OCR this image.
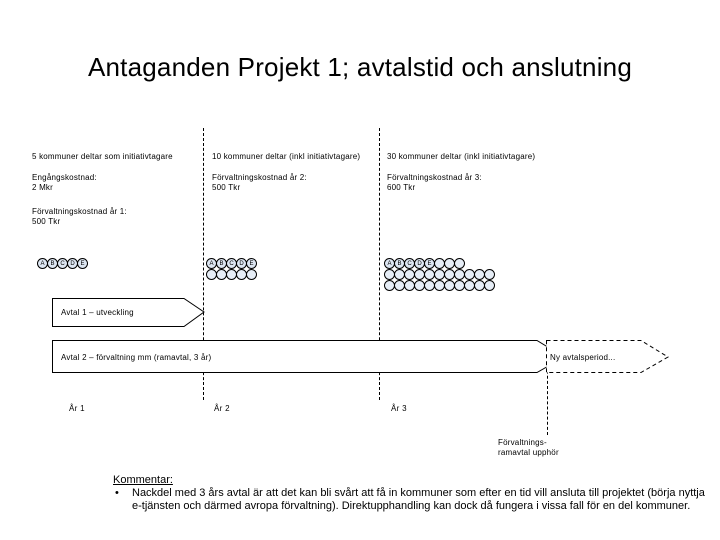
Antaganden Projekt 1; avtalstid och anslutning
5 kommuner deltar som initiativtagare
Engångskostnad:
2 Mkr
Förvaltningskostnad år 1:
500 Tkr
A B C D E
10 kommuner deltar (inkl initiativtagare)
Förvaltningskostnad år 2:
500 Tkr
A B C D E
30 kommuner deltar (inkl initiativtagare)
Förvaltningskostnad år 3:
600 Tkr
A B C D E
Avtal 1 – utveckling
Avtal 2 – förvaltning mm (ramavtal, 3 år)	Ny avtalsperiod...
År 1	År 2	År 3
Förvaltnings-
ramavtal upphör
Kommentar:
•	Nackdel med 3 års avtal är att det kan bli svårt att få in kommuner som efter en tid vill ansluta till projektet (börja nyttja e-tjänsten och därmed avropa förvaltning). Direktupphandling kan dock då fungera i vissa fall för en del kommuner.
